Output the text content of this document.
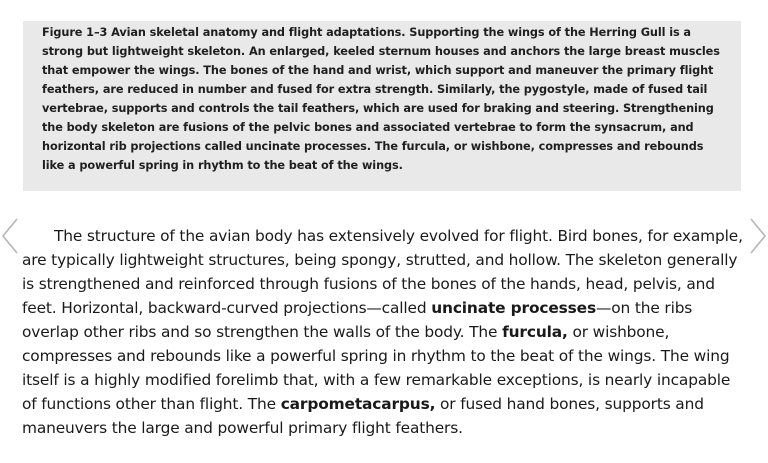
Figure 1–3 Avian skeletal anatomy and flight adaptations. Supporting the wings of the Herring Gull is a strong but lightweight skeleton. An enlarged, keeled sternum houses and anchors the large breast muscles that empower the wings. The bones of the hand and wrist, which support and maneuver the primary flight feathers, are reduced in number and fused for extra strength. Similarly, the pygostyle, made of fused tail vertebrae, supports and controls the tail feathers, which are used for braking and steering. Strengthening the body skeleton are fusions of the pelvic bones and associated vertebrae to form the synsacrum, and horizontal rib projections called uncinate processes. The furcula, or wishbone, compresses and rebounds like a powerful spring in rhythm to the beat of the wings.

The structure of the avian body has extensively evolved for flight. Bird bones, for example, are typically lightweight structures, being spongy, strutted, and hollow. The skeleton generally is strengthened and reinforced through fusions of the bones of the hands, head, pelvis, and feet. Horizontal, backward-curved projections—called uncinate processes—on the ribs overlap other ribs and so strengthen the walls of the body. The furcula, or wishbone, compresses and rebounds like a powerful spring in rhythm to the beat of the wings. The wing itself is a highly modified forelimb that, with a few remarkable exceptions, is nearly incapable of functions other than flight. The carpometacarpus, or fused hand bones, supports and maneuvers the large and powerful primary flight feathers.
